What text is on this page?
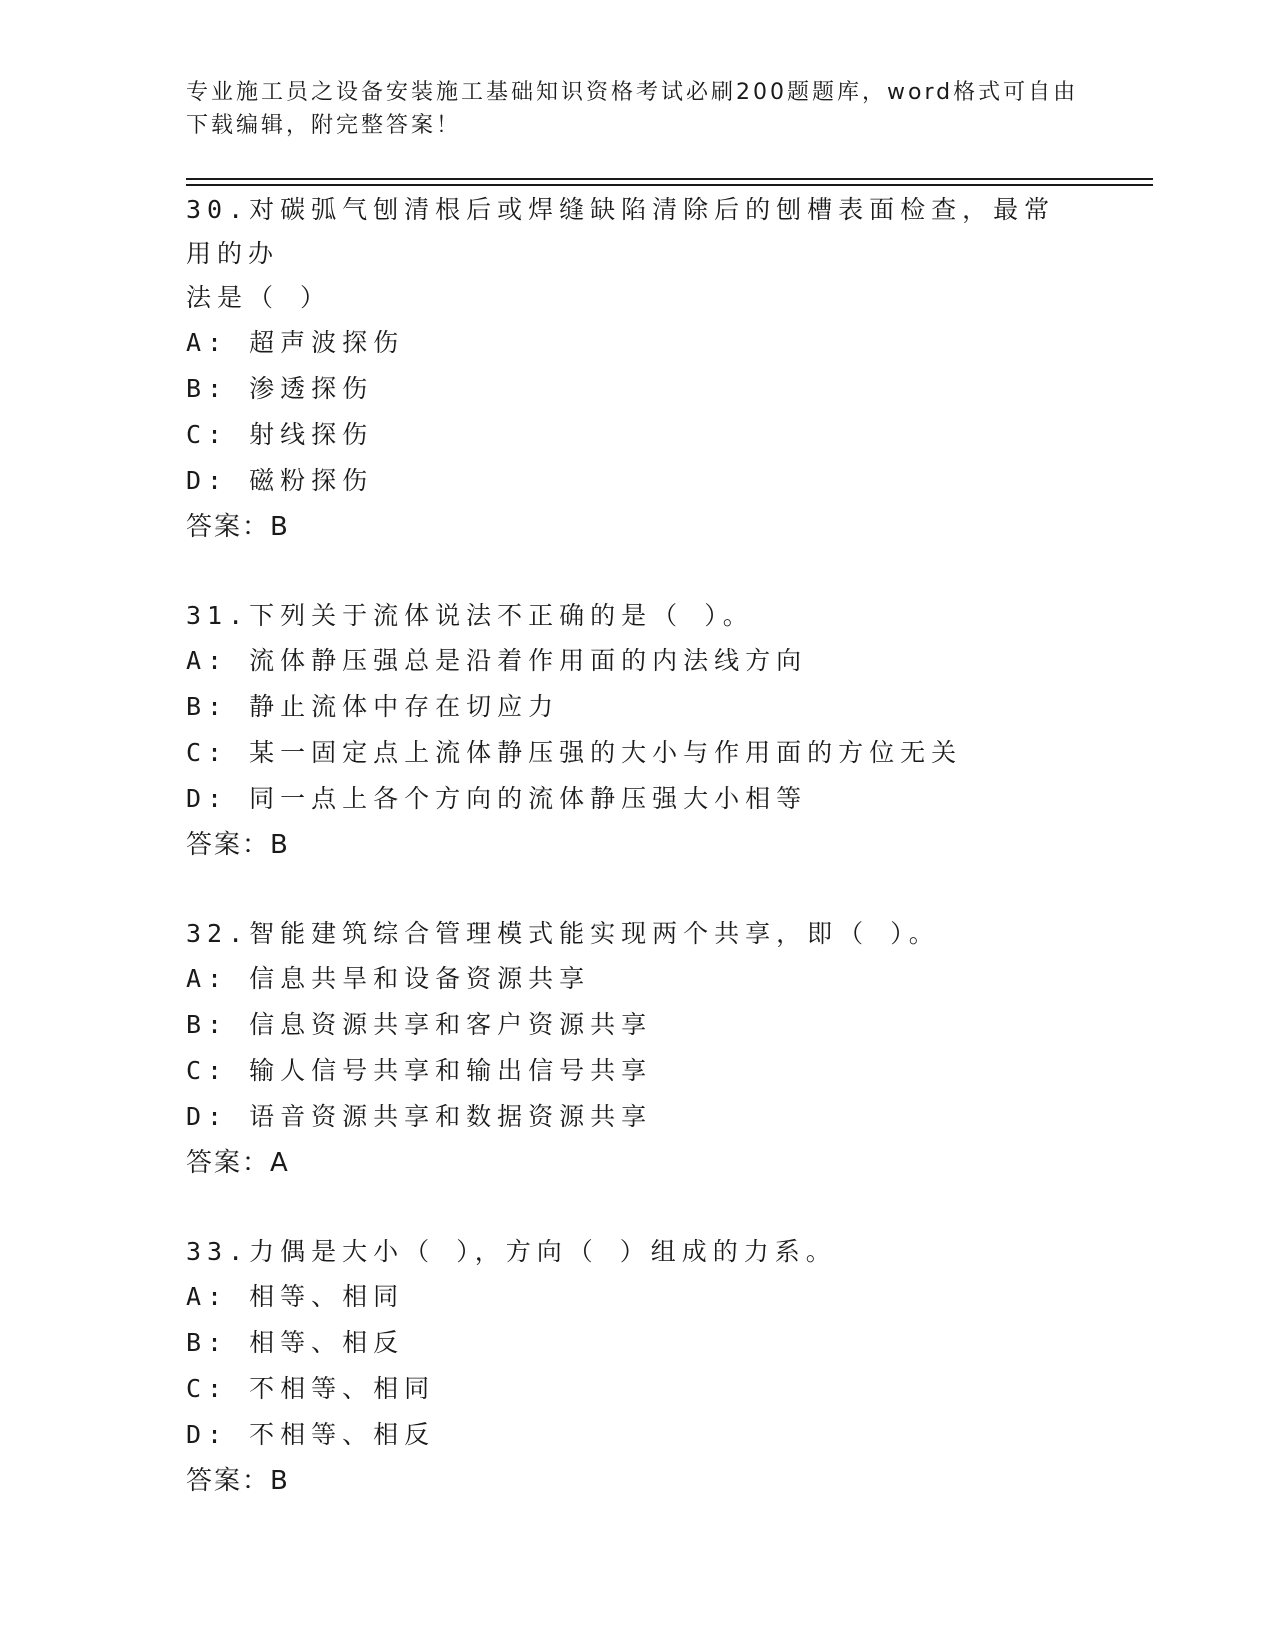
专业施工员之设备安装施工基础知识资格考试必刷200题题库，word格式可自由
下载编辑，附完整答案！

30.对碳弧气刨清根后或焊缝缺陷清除后的刨槽表面检查，最常用的办

法是（ ）

A: 超声波探伤

B: 渗透探伤

C: 射线探伤

D: 磁粉探伤

答案：B

31.下列关于流体说法不正确的是（ ）。

A: 流体静压强总是沿着作用面的内法线方向

B: 静止流体中存在切应力

C: 某一固定点上流体静压强的大小与作用面的方位无关

D: 同一点上各个方向的流体静压强大小相等

答案：B

32.智能建筑综合管理模式能实现两个共享，即（ ）。

A: 信息共旱和设备资源共享

B: 信息资源共享和客户资源共享

C: 输人信号共享和输出信号共享

D: 语音资源共享和数据资源共享

答案：A

33.力偶是大小（ ），方向（ ）组成的力系。

A: 相等、相同

B: 相等、相反

C: 不相等、相同

D: 不相等、相反

答案：B
